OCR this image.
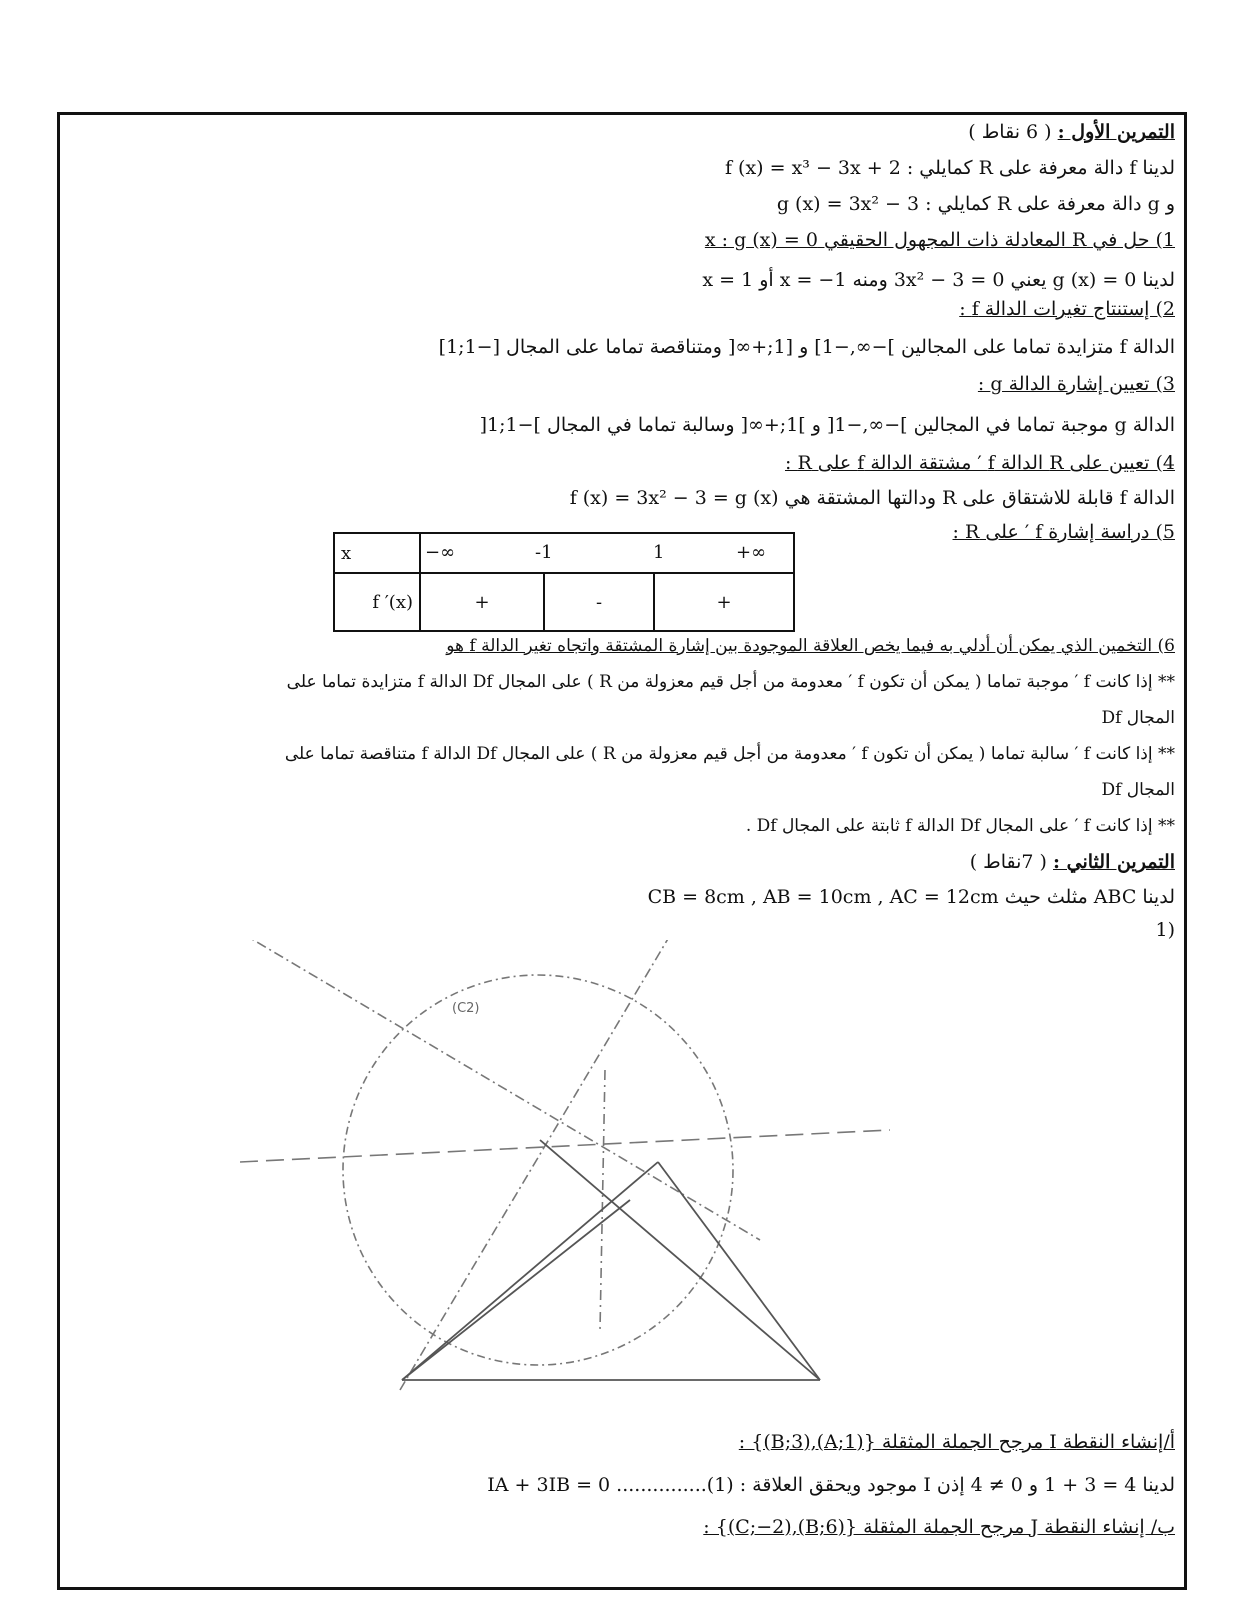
التمرين الأول : ( 6 نقاط )
لدينا f دالة معرفة على R كمايلي : f (x) = x³ − 3x + 2
و g دالة معرفة على R كمايلي : g (x) = 3x² − 3
1) حل في R المعادلة ذات المجهول الحقيقي x : g (x) = 0
لدينا g (x) = 0 يعني 3x² − 3 = 0 ومنه x = −1 أو x = 1
2) إستنتاج تغيرات الدالة f :
الدالة f متزايدة تماما على المجالين ]−∞,−1] و [1;+∞[ ومتناقصة تماما على المجال [−1;1]
3) تعيين إشارة الدالة g :
الدالة g موجبة تماما في المجالين ]−∞,−1[ و ]1;+∞[ وسالبة تماما في المجال ]−1;1[
4) تعيين على R الدالة f ′ مشتقة الدالة f على R :
الدالة f قابلة للاشتقاق على R ودالتها المشتقة هي f (x) = 3x² − 3 = g (x)
5) دراسة إشارة f ′ على R :
x	−∞ -1 1 +∞		

f ′(x)	+	-	+
6) التخمين الذي يمكن أن أدلي به فيما يخص العلاقة الموجودة بين إشارة المشتقة واتجاه تغير الدالة f هو
** إذا كانت f ′ موجبة تماما ( يمكن أن تكون f ′ معدومة من أجل قيم معزولة من R ) على المجال Df الدالة f متزايدة تماما على
المجال Df
** إذا كانت f ′ سالبة تماما ( يمكن أن تكون f ′ معدومة من أجل قيم معزولة من R ) على المجال Df الدالة f متناقصة تماما على
المجال Df
** إذا كانت f ′ على المجال Df الدالة f ثابتة على المجال Df .
التمرين الثاني : ( 7نقاط )
لدينا ABC مثلث حيث CB = 8cm , AB = 10cm , AC = 12cm
(1
(C2)
أ/إنشاء النقطة I مرجح الجملة المثقلة {(A;1),(B;3)} :
لدينا 4 = 3 + 1 و 0 ≠ 4 إذن I موجود ويحقق العلاقة : (1)............... IA + 3IB = 0
ب/ إنشاء النقطة J مرجح الجملة المثقلة {(B;6),(C;−2)} :
